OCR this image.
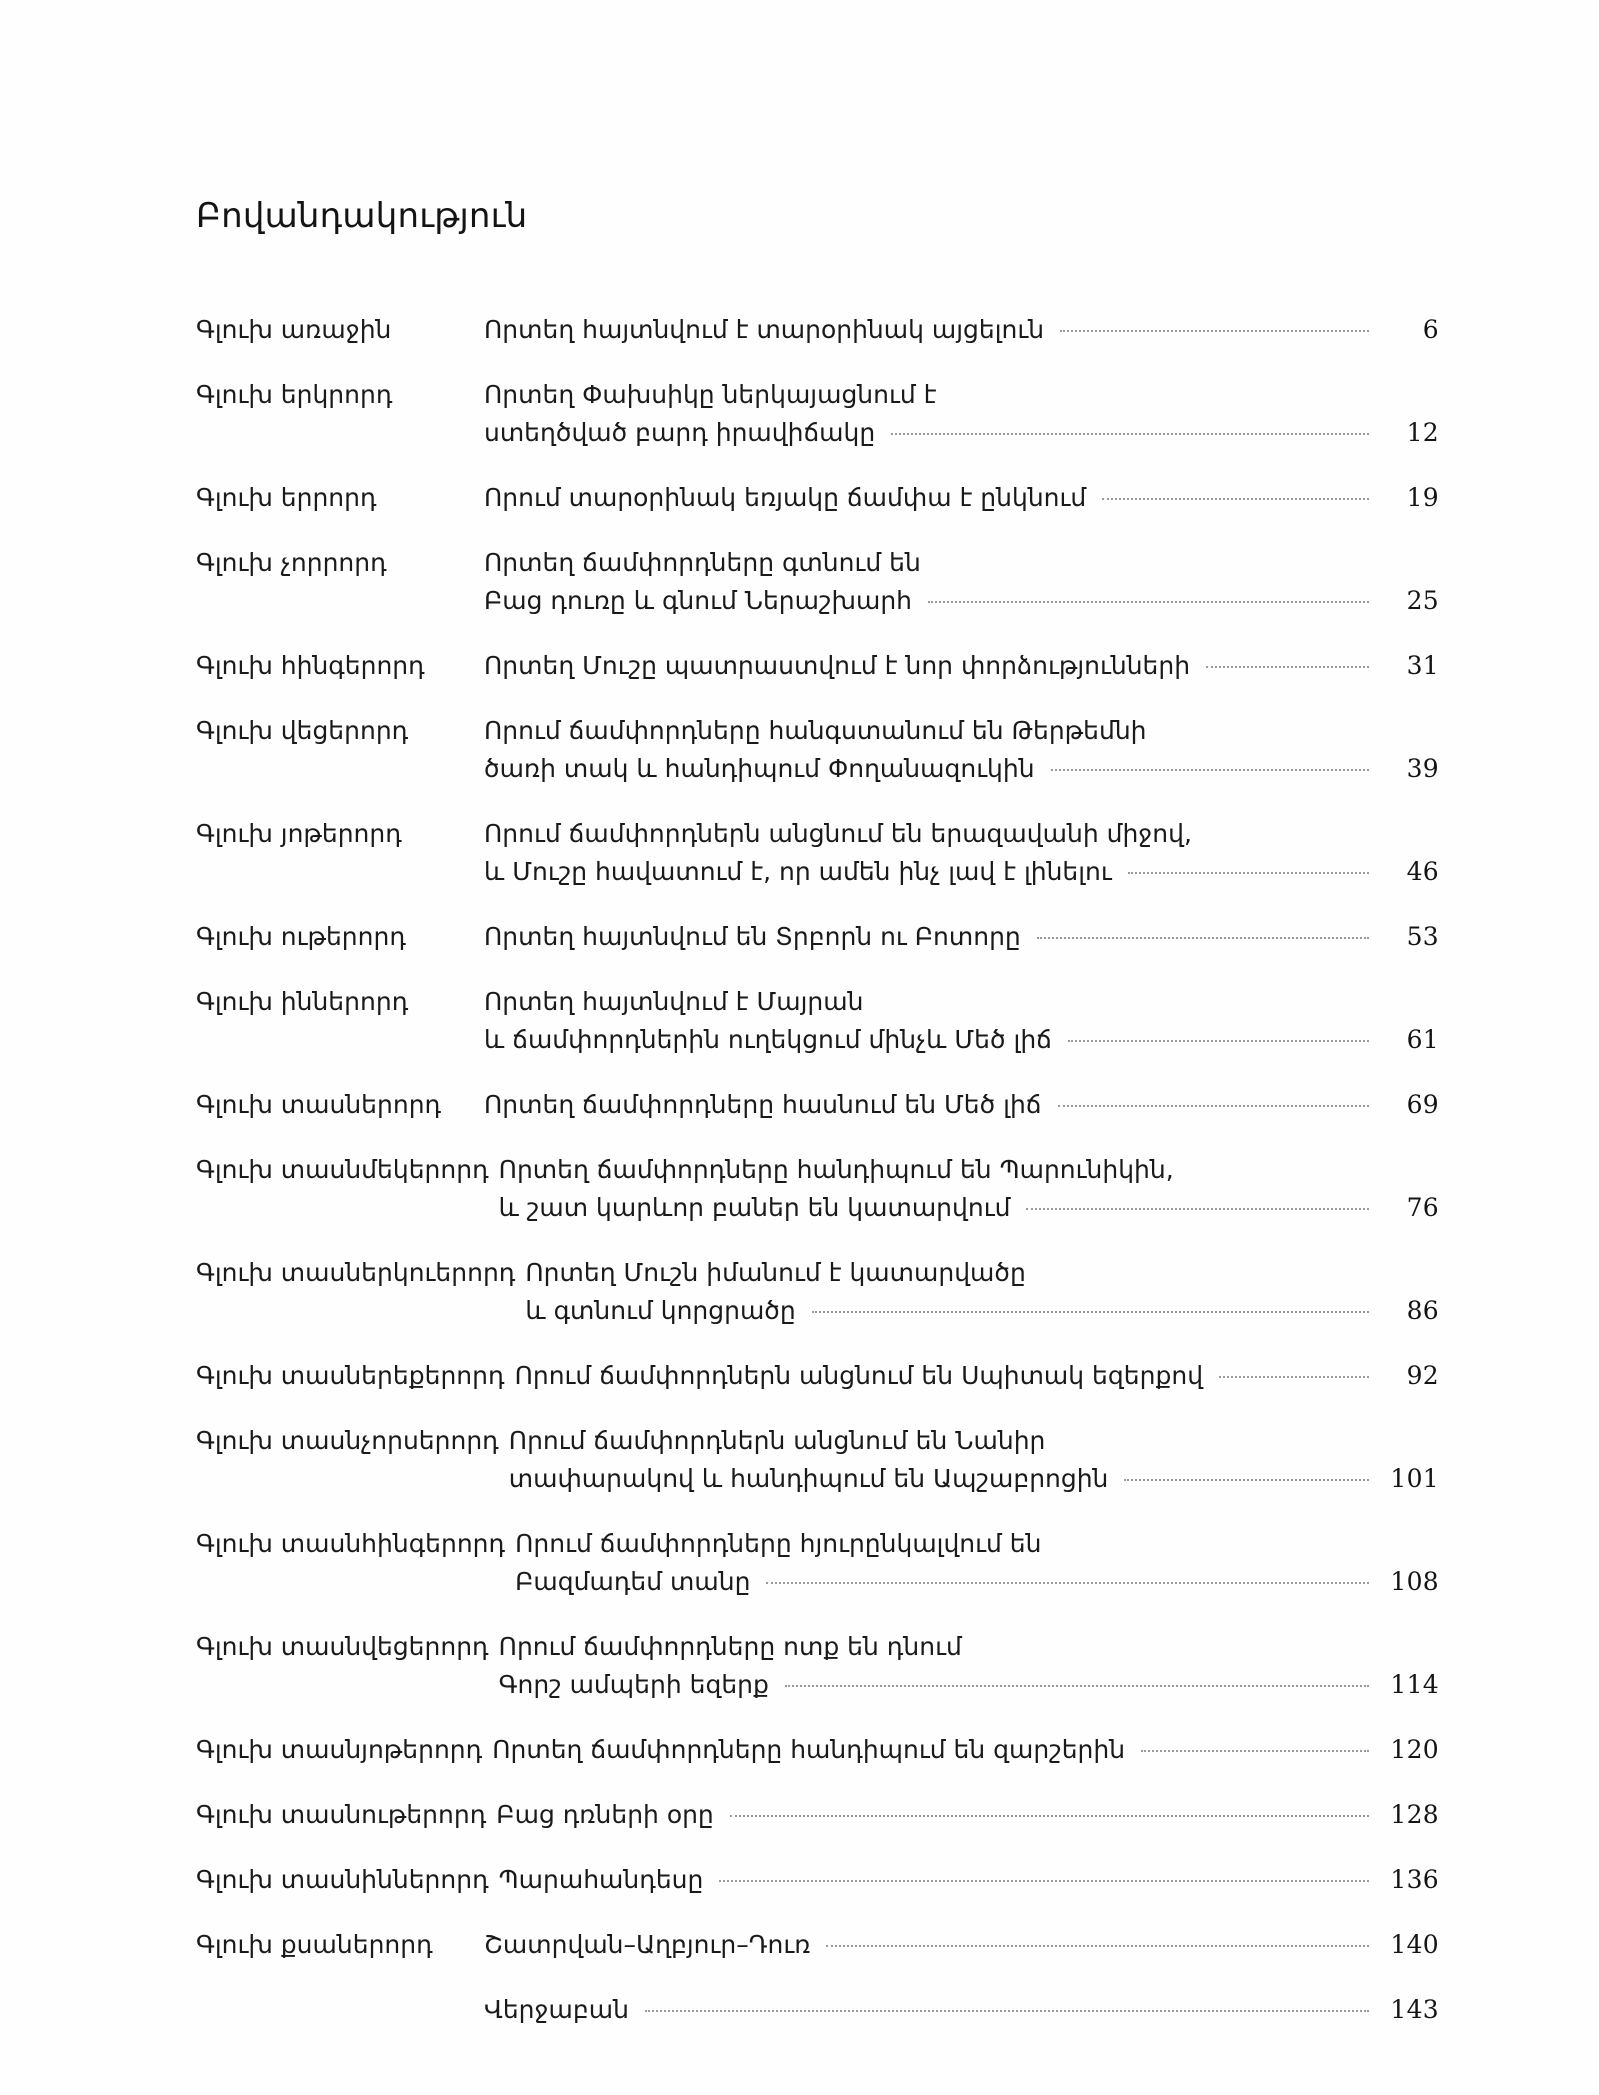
Բովանդակություն
Գլուխ առաջին	Որտեղ հայտնվում է տարօրինակ այցելուն	6
Գլուխ երկրորդ	Որտեղ Փախսիկը ներկայացնում է
ստեղծված բարդ իրավիճակը	12
Գլուխ երրորդ	Որում տարօրինակ եռյակը ճամփա է ընկնում	19
Գլուխ չորրորդ	Որտեղ ճամփորդները գտնում են
Բաց դուռը և գնում Ներաշխարհ	25
Գլուխ հինգերորդ	Որտեղ Մուշը պատրաստվում է նոր փորձությունների	31
Գլուխ վեցերորդ	Որում ճամփորդները հանգստանում են Թերթեմնի
ծառի տակ և հանդիպում Փողանազուկին	39
Գլուխ յոթերորդ	Որում ճամփորդներն անցնում են երազավանի միջով,
և Մուշը հավատում է, որ ամեն ինչ լավ է լինելու	46
Գլուխ ութերորդ	Որտեղ հայտնվում են Տրբորն ու Բոտորը	53
Գլուխ իններորդ	Որտեղ հայտնվում է Մայրան
և ճամփորդներին ուղեկցում մինչև Մեծ լիճ	61
Գլուխ տասներորդ	Որտեղ ճամփորդները հասնում են Մեծ լիճ	69
Գլուխ տասնմեկերորդ Որտեղ ճամփորդները հանդիպում են Պարունիկին,
և շատ կարևոր բաներ են կատարվում	76
Գլուխ տասներկուերորդ Որտեղ Մուշն իմանում է կատարվածը
և գտնում կորցրածը	86
Գլուխ տասներեքերորդ Որում ճամփորդներն անցնում են Սպիտակ եզերքով	92
Գլուխ տասնչորսերորդ Որում ճամփորդներն անցնում են Նանիր
տափարակով և հանդիպում են Ապշաբրոցին	101
Գլուխ տասնհինգերորդ Որում ճամփորդները հյուրընկալվում են
Բազմադեմ տանը	108
Գլուխ տասնվեցերորդ Որում ճամփորդները ոտք են դնում
Գորշ ամպերի եզերք	114
Գլուխ տասնյոթերորդ Որտեղ ճամփորդները հանդիպում են զարշերին	120
Գլուխ տասնութերորդ Բաց դռների օրը	128
Գլուխ տասնիններորդ Պարահանդեսը	136
Գլուխ քսաներորդ	Շատրվան–Աղբյուր–Դուռ	140
Վերջաբան	143
